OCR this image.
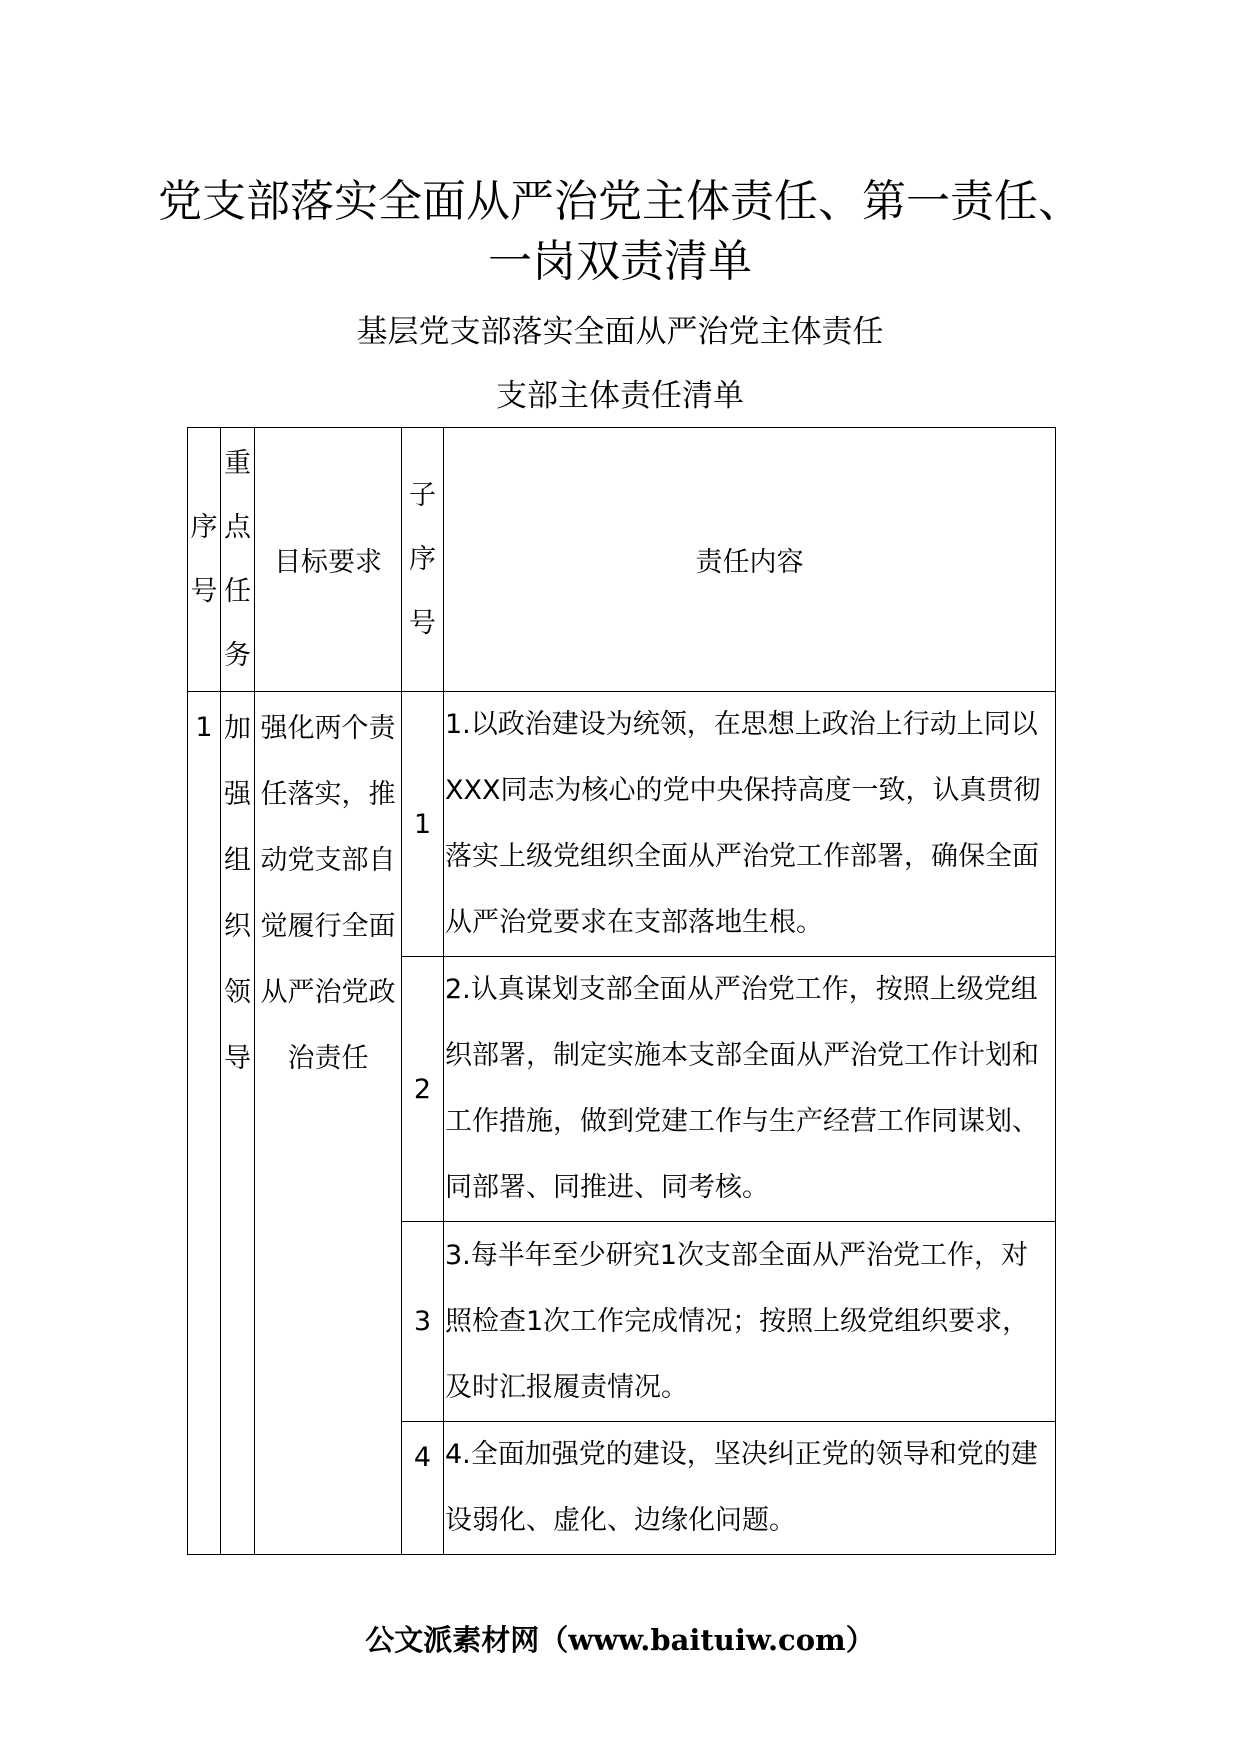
党支部落实全面从严治党主体责任、第一责任、一岗双责清单
基层党支部落实全面从严治党主体责任
支部主体责任清单
序号	重点任务	目标要求	子序号	责任内容
1	加强组织领导	强化两个责任落实，推动党支部自觉履行全面从严治党政治责任	1	1.以政治建设为统领，在思想上政治上行动上同以XXX同志为核心的党中央保持高度一致，认真贯彻落实上级党组织全面从严治党工作部署，确保全面从严治党要求在支部落地生根。
			2	2.认真谋划支部全面从严治党工作，按照上级党组织部署，制定实施本支部全面从严治党工作计划和工作措施，做到党建工作与生产经营工作同谋划、同部署、同推进、同考核。
			3	3.每半年至少研究1次支部全面从严治党工作，对照检查1次工作完成情况；按照上级党组织要求，及时汇报履责情况。
			4	4.全面加强党的建设，坚决纠正党的领导和党的建设弱化、虚化、边缘化问题。
公文派素材网（www.baituiw.com）
